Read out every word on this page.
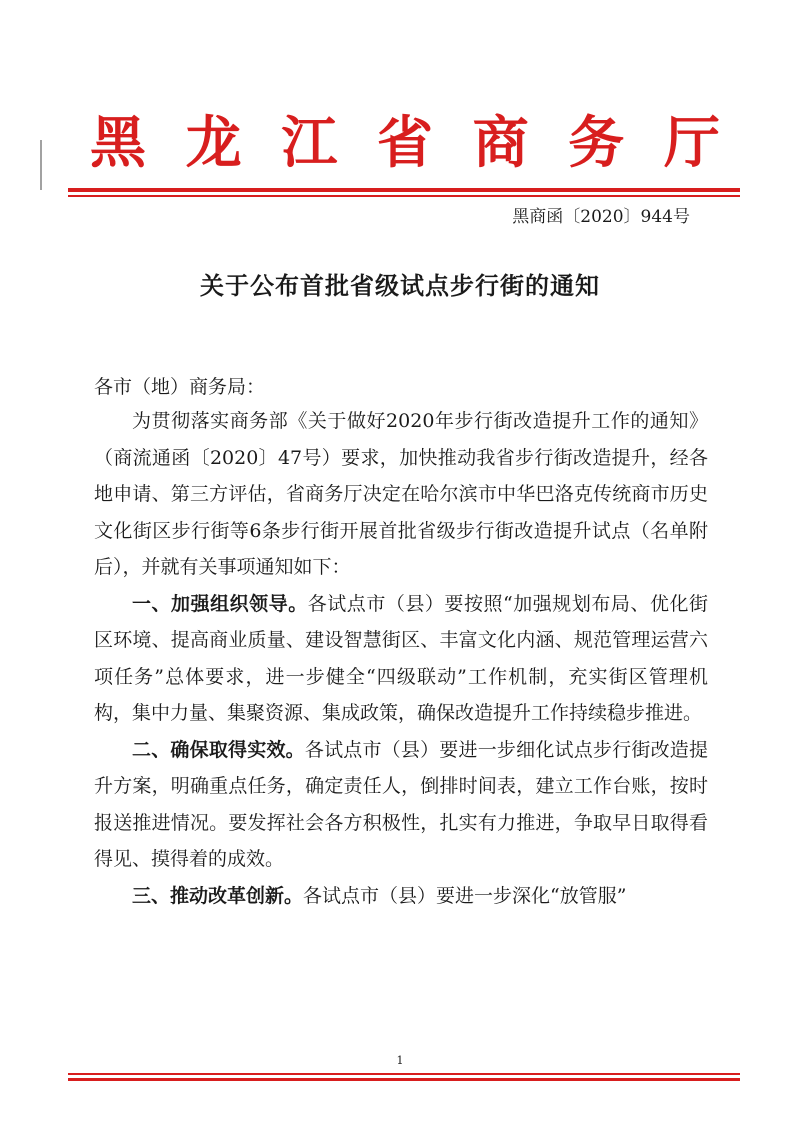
黑 龙 江 省 商 务 厅
黑商函〔2020〕944号
关于公布首批省级试点步行街的通知
各市（地）商务局：

为贯彻落实商务部《关于做好2020年步行街改造提升工作的通知》（商流通函〔2020〕47号）要求，加快推动我省步行街改造提升，经各地申请、第三方评估，省商务厅决定在哈尔滨市中华巴洛克传统商市历史文化街区步行街等6条步行街开展首批省级步行街改造提升试点（名单附后），并就有关事项通知如下：

一、加强组织领导。各试点市（县）要按照“加强规划布局、优化街区环境、提高商业质量、建设智慧街区、丰富文化内涵、规范管理运营六项任务”总体要求，进一步健全“四级联动”工作机制，充实街区管理机构，集中力量、集聚资源、集成政策，确保改造提升工作持续稳步推进。

二、确保取得实效。各试点市（县）要进一步细化试点步行街改造提升方案，明确重点任务，确定责任人，倒排时间表，建立工作台账，按时报送推进情况。要发挥社会各方积极性，扎实有力推进，争取早日取得看得见、摸得着的成效。

三、推动改革创新。各试点市（县）要进一步深化“放管服”

1
